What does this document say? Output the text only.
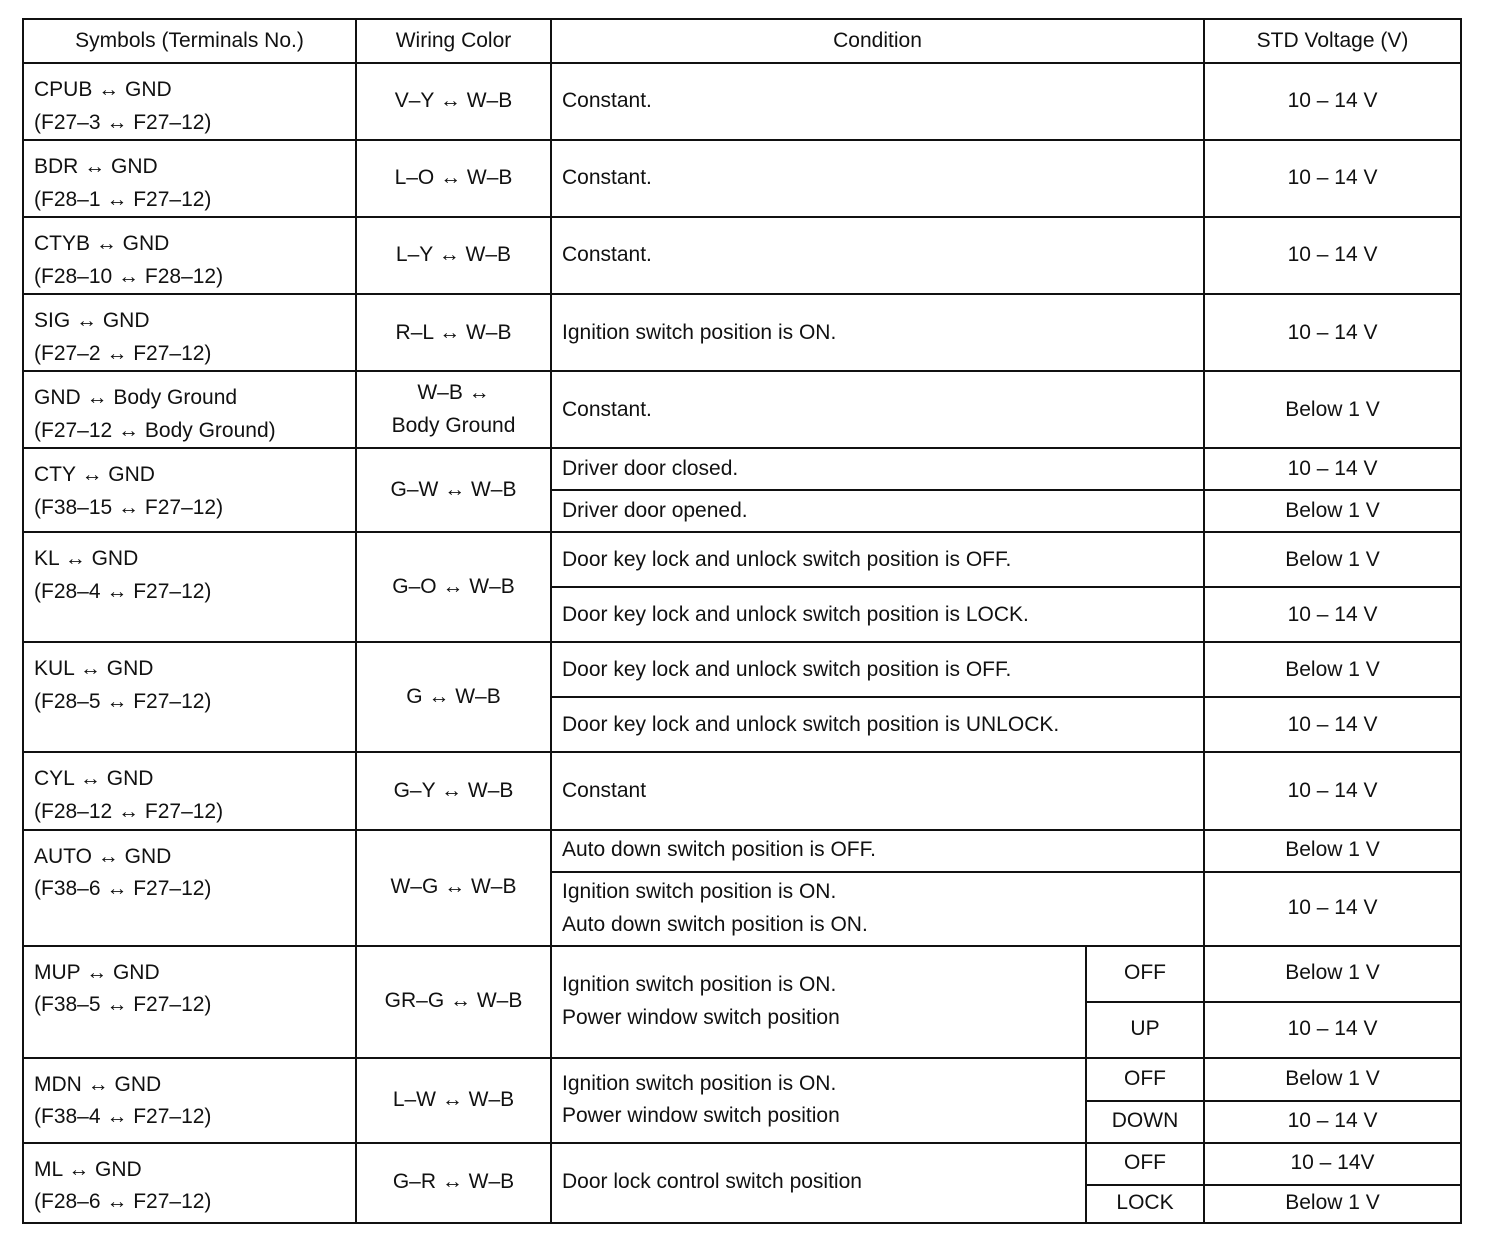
Symbols (Terminals No.)	Wiring Color	Condition		STD Voltage (V)

CPUB ↔ GND
(F27–3 ↔ F27–12)	V–Y ↔ W–B	Constant.		10 – 14 V

BDR ↔ GND
(F28–1 ↔ F27–12)	L–O ↔ W–B	Constant.		10 – 14 V

CTYB ↔ GND
(F28–10 ↔ F28–12)	L–Y ↔ W–B	Constant.		10 – 14 V

SIG ↔ GND
(F27–2 ↔ F27–12)	R–L ↔ W–B	Ignition switch position is ON.		10 – 14 V

GND ↔ Body Ground
(F27–12 ↔ Body Ground)	W–B ↔
Body Ground	Constant.		Below 1 V

CTY ↔ GND
(F38–15 ↔ F27–12)	G–W ↔ W–B	Driver door closed.		10 – 14 V

		Driver door opened.		Below 1 V

KL ↔ GND
(F28–4 ↔ F27–12)	G–O ↔ W–B	Door key lock and unlock switch position is OFF.		Below 1 V

		Door key lock and unlock switch position is LOCK.		10 – 14 V

KUL ↔ GND
(F28–5 ↔ F27–12)	G ↔ W–B	Door key lock and unlock switch position is OFF.		Below 1 V

		Door key lock and unlock switch position is UNLOCK.		10 – 14 V

CYL ↔ GND
(F28–12 ↔ F27–12)	G–Y ↔ W–B	Constant		10 – 14 V

AUTO ↔ GND
(F38–6 ↔ F27–12)	W–G ↔ W–B	Auto down switch position is OFF.		Below 1 V

		Ignition switch position is ON.
Auto down switch position is ON.		10 – 14 V

MUP ↔ GND
(F38–5 ↔ F27–12)	GR–G ↔ W–B	Ignition switch position is ON.
Power window switch position	OFF	Below 1 V
			UP	10 – 14 V

MDN ↔ GND
(F38–4 ↔ F27–12)	L–W ↔ W–B	Ignition switch position is ON.
Power window switch position	OFF	Below 1 V
			DOWN	10 – 14 V

ML ↔ GND
(F28–6 ↔ F27–12)	G–R ↔ W–B	Door lock control switch position	OFF	10 – 14V
			LOCK	Below 1 V
